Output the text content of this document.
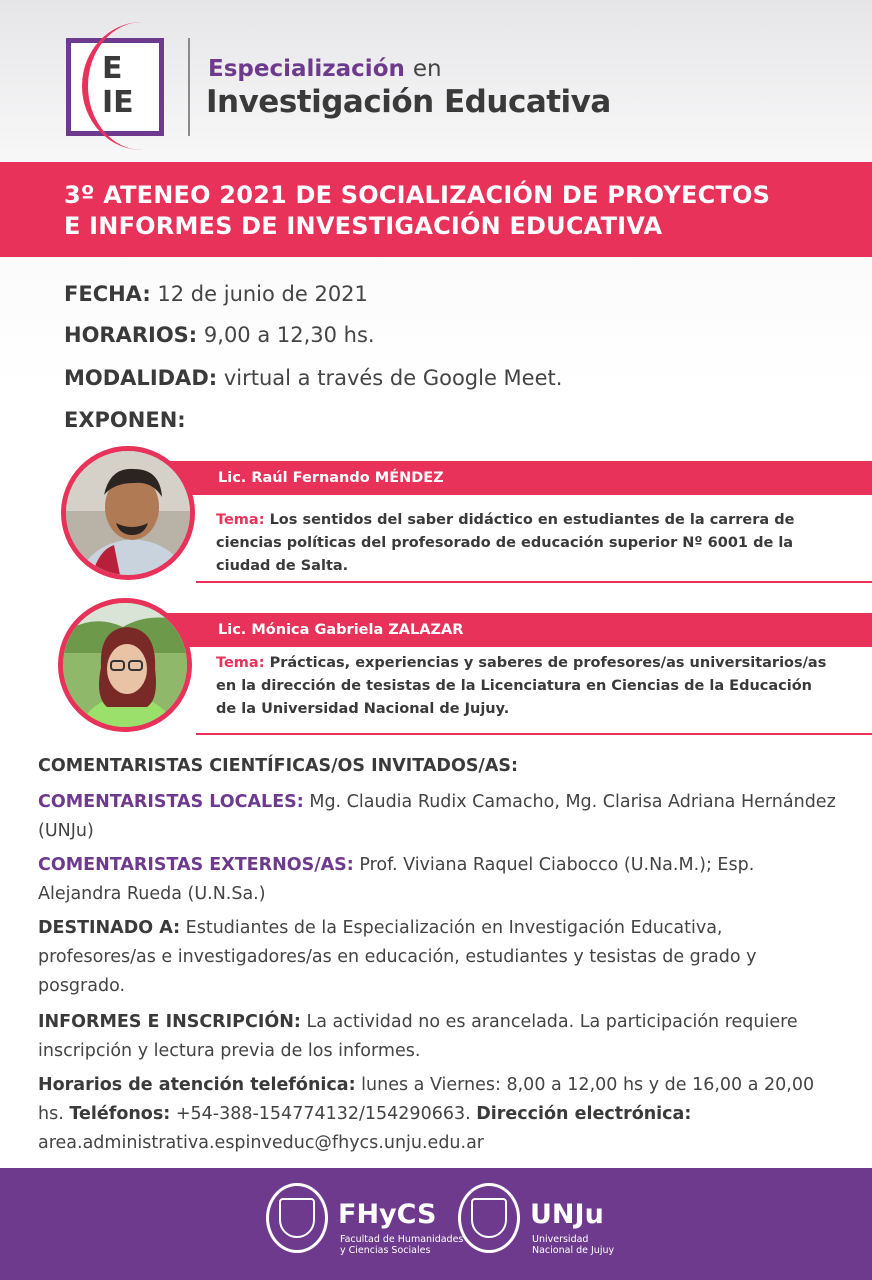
E
IE
Especialización en
Investigación Educativa
3º ATENEO 2021 DE SOCIALIZACIÓN DE PROYECTOS
E INFORMES DE INVESTIGACIÓN EDUCATIVA
FECHA: 12 de junio de 2021
HORARIOS: 9,00 a 12,30 hs.
MODALIDAD: virtual a través de Google Meet.
EXPONEN:
Lic. Raúl Fernando MÉNDEZ
Tema: Los sentidos del saber didáctico en estudiantes de la carrera de ciencias políticas del profesorado de educación superior Nº 6001 de la ciudad de Salta.
Lic. Mónica Gabriela ZALAZAR
Tema: Prácticas, experiencias y saberes de profesores/as universitarios/as en la dirección de tesistas de la Licenciatura en Ciencias de la Educación de la Universidad Nacional de Jujuy.
COMENTARISTAS CIENTÍFICAS/OS INVITADOS/AS:
COMENTARISTAS LOCALES: Mg. Claudia Rudix Camacho, Mg. Clarisa Adriana Hernández (UNJu)
COMENTARISTAS EXTERNOS/AS: Prof. Viviana Raquel Ciabocco (U.Na.M.); Esp. Alejandra Rueda (U.N.Sa.)
DESTINADO A: Estudiantes de la Especialización en Investigación Educativa, profesores/as e investigadores/as en educación, estudiantes y tesistas de grado y posgrado.
INFORMES E INSCRIPCIÓN: La actividad no es arancelada. La participación requiere inscripción y lectura previa de los informes.
Horarios de atención telefónica: lunes a Viernes: 8,00 a 12,00 hs y de 16,00 a 20,00 hs. Teléfonos: +54-388-154774132/154290663. Dirección electrónica: area.administrativa.espinveduc@fhycs.unju.edu.ar
FHyCS
Facultad de Humanidades
y Ciencias Sociales
UNJu
Universidad
Nacional de Jujuy
